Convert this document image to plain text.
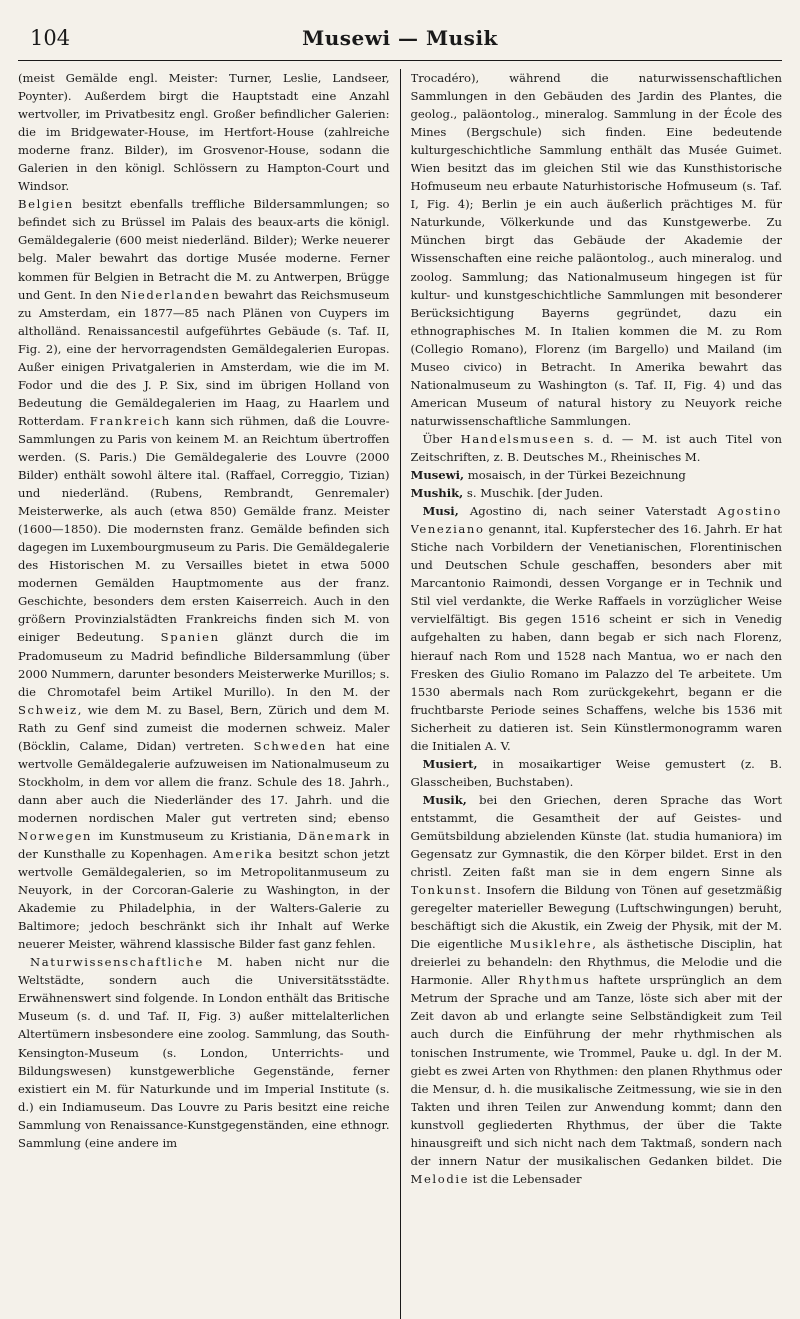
104	Musewi — Musik

(meist Gemälde engl. Meister: Turner, Leslie, Landseer, Poynter). Außerdem birgt die Hauptstadt eine Anzahl wertvoller, im Privatbesitz engl. Großer befindlicher Galerien: die im Bridgewater-House, im Hertfort-House (zahlreiche moderne franz. Bilder), im Grosvenor-House, sodann die Galerien in den königl. Schlössern zu Hampton-Court und Windsor.

Belgien besitzt ebenfalls treffliche Bildersammlungen; so befindet sich zu Brüssel im Palais des beaux-arts die königl. Gemäldegalerie (600 meist niederländ. Bilder); Werke neuerer belg. Maler bewahrt das dortige Musée moderne. Ferner kommen für Belgien in Betracht die M. zu Antwerpen, Brügge und Gent. In den Niederlanden bewahrt das Reichsmuseum zu Amsterdam, ein 1877—85 nach Plänen von Cuypers im altholländ. Renaissancestil aufgeführtes Gebäude (s. Taf. II, Fig. 2), eine der hervorragendsten Gemäldegalerien Europas. Außer einigen Privatgalerien in Amsterdam, wie die im M. Fodor und die des J. P. Six, sind im übrigen Holland von Bedeutung die Gemäldegalerien im Haag, zu Haarlem und Rotterdam. Frankreich kann sich rühmen, daß die Louvre-Sammlungen zu Paris von keinem M. an Reichtum übertroffen werden. (S. Paris.) Die Gemäldegalerie des Louvre (2000 Bilder) enthält sowohl ältere ital. (Raffael, Correggio, Tizian) und niederländ. (Rubens, Rembrandt, Genremaler) Meisterwerke, als auch (etwa 850) Gemälde franz. Meister (1600—1850). Die modernsten franz. Gemälde befinden sich dagegen im Luxembourgmuseum zu Paris. Die Gemäldegalerie des Historischen M. zu Versailles bietet in etwa 5000 modernen Gemälden Hauptmomente aus der franz. Geschichte, besonders dem ersten Kaiserreich. Auch in den größern Provinzialstädten Frankreichs finden sich M. von einiger Bedeutung. Spanien glänzt durch die im Pradomuseum zu Madrid befindliche Bildersammlung (über 2000 Nummern, darunter besonders Meisterwerke Murillos; s. die Chromotafel beim Artikel Murillo). In den M. der Schweiz, wie dem M. zu Basel, Bern, Zürich und dem M. Rath zu Genf sind zumeist die modernen schweiz. Maler (Böcklin, Calame, Didan) vertreten. Schweden hat eine wertvolle Gemäldegalerie aufzuweisen im Nationalmuseum zu Stockholm, in dem vor allem die franz. Schule des 18. Jahrh., dann aber auch die Niederländer des 17. Jahrh. und die modernen nordischen Maler gut vertreten sind; ebenso Norwegen im Kunstmuseum zu Kristiania, Dänemark in der Kunsthalle zu Kopenhagen. Amerika besitzt schon jetzt wertvolle Gemäldegalerien, so im Metropolitanmuseum zu Neuyork, in der Corcoran-Galerie zu Washington, in der Akademie zu Philadelphia, in der Walters-Galerie zu Baltimore; jedoch beschränkt sich ihr Inhalt auf Werke neuerer Meister, während klassische Bilder fast ganz fehlen.

Naturwissenschaftliche M. haben nicht nur die Weltstädte, sondern auch die Universitätsstädte. Erwähnenswert sind folgende. In London enthält das Britische Museum (s. d. und Taf. II, Fig. 3) außer mittelalterlichen Altertümern insbesondere eine zoolog. Sammlung, das South-Kensington-Museum (s. London, Unterrichts- und Bildungswesen) kunstgewerbliche Gegenstände, ferner existiert ein M. für Naturkunde und im Imperial Institute (s. d.) ein Indiamuseum. Das Louvre zu Paris besitzt eine reiche Sammlung von Renaissance-Kunstgegenständen, eine ethnogr. Sammlung (eine andere im

Trocadéro), während die naturwissenschaftlichen Sammlungen in den Gebäuden des Jardin des Plantes, die geolog., paläontolog., mineralog. Sammlung in der École des Mines (Bergschule) sich finden. Eine bedeutende kulturgeschichtliche Sammlung enthält das Musée Guimet. Wien besitzt das im gleichen Stil wie das Kunsthistorische Hofmuseum neu erbaute Naturhistorische Hofmuseum (s. Taf. I, Fig. 4); Berlin je ein auch äußerlich prächtiges M. für Naturkunde, Völkerkunde und das Kunstgewerbe. Zu München birgt das Gebäude der Akademie der Wissenschaften eine reiche paläontolog., auch mineralog. und zoolog. Sammlung; das Nationalmuseum hingegen ist für kultur- und kunstgeschichtliche Sammlungen mit besonderer Berücksichtigung Bayerns gegründet, dazu ein ethnographisches M. In Italien kommen die M. zu Rom (Collegio Romano), Florenz (im Bargello) und Mailand (im Museo civico) in Betracht. In Amerika bewahrt das Nationalmuseum zu Washington (s. Taf. II, Fig. 4) und das American Museum of natural history zu Neuyork reiche naturwissenschaftliche Sammlungen.

Über Handelsmuseen s. d. — M. ist auch Titel von Zeitschriften, z. B. Deutsches M., Rheinisches M.

Musewi, mosaisch, in der Türkei Bezeichnung

Mushik, s. Muschik. [der Juden.

Musi, Agostino di, nach seiner Vaterstadt Agostino Veneziano genannt, ital. Kupferstecher des 16. Jahrh. Er hat Stiche nach Vorbildern der Venetianischen, Florentinischen und Deutschen Schule geschaffen, besonders aber mit Marcantonio Raimondi, dessen Vorgange er in Technik und Stil viel verdankte, die Werke Raffaels in vorzüglicher Weise vervielfältigt. Bis gegen 1516 scheint er sich in Venedig aufgehalten zu haben, dann begab er sich nach Florenz, hierauf nach Rom und 1528 nach Mantua, wo er nach den Fresken des Giulio Romano im Palazzo del Te arbeitete. Um 1530 abermals nach Rom zurückgekehrt, begann er die fruchtbarste Periode seines Schaffens, welche bis 1536 mit Sicherheit zu datieren ist. Sein Künstlermonogramm waren die Initialen A. V.

Musiert, in mosaikartiger Weise gemustert (z. B. Glasscheiben, Buchstaben).

Musik, bei den Griechen, deren Sprache das Wort entstammt, die Gesamtheit der auf Geistes- und Gemütsbildung abzielenden Künste (lat. studia humaniora) im Gegensatz zur Gymnastik, die den Körper bildet. Erst in den christl. Zeiten faßt man sie in dem engern Sinne als Tonkunst. Insofern die Bildung von Tönen auf gesetzmäßig geregelter materieller Bewegung (Luftschwingungen) beruht, beschäftigt sich die Akustik, ein Zweig der Physik, mit der M. Die eigentliche Musiklehre, als ästhetische Disciplin, hat dreierlei zu behandeln: den Rhythmus, die Melodie und die Harmonie. Aller Rhythmus haftete ursprünglich an dem Metrum der Sprache und am Tanze, löste sich aber mit der Zeit davon ab und erlangte seine Selbständigkeit zum Teil auch durch die Einführung der mehr rhythmischen als tonischen Instrumente, wie Trommel, Pauke u. dgl. In der M. giebt es zwei Arten von Rhythmen: den planen Rhythmus oder die Mensur, d. h. die musikalische Zeitmessung, wie sie in den Takten und ihren Teilen zur Anwendung kommt; dann den kunstvoll gegliederten Rhythmus, der über die Takte hinausgreift und sich nicht nach dem Taktmaß, sondern nach der innern Natur der musikalischen Gedanken bildet. Die Melodie ist die Lebensader
